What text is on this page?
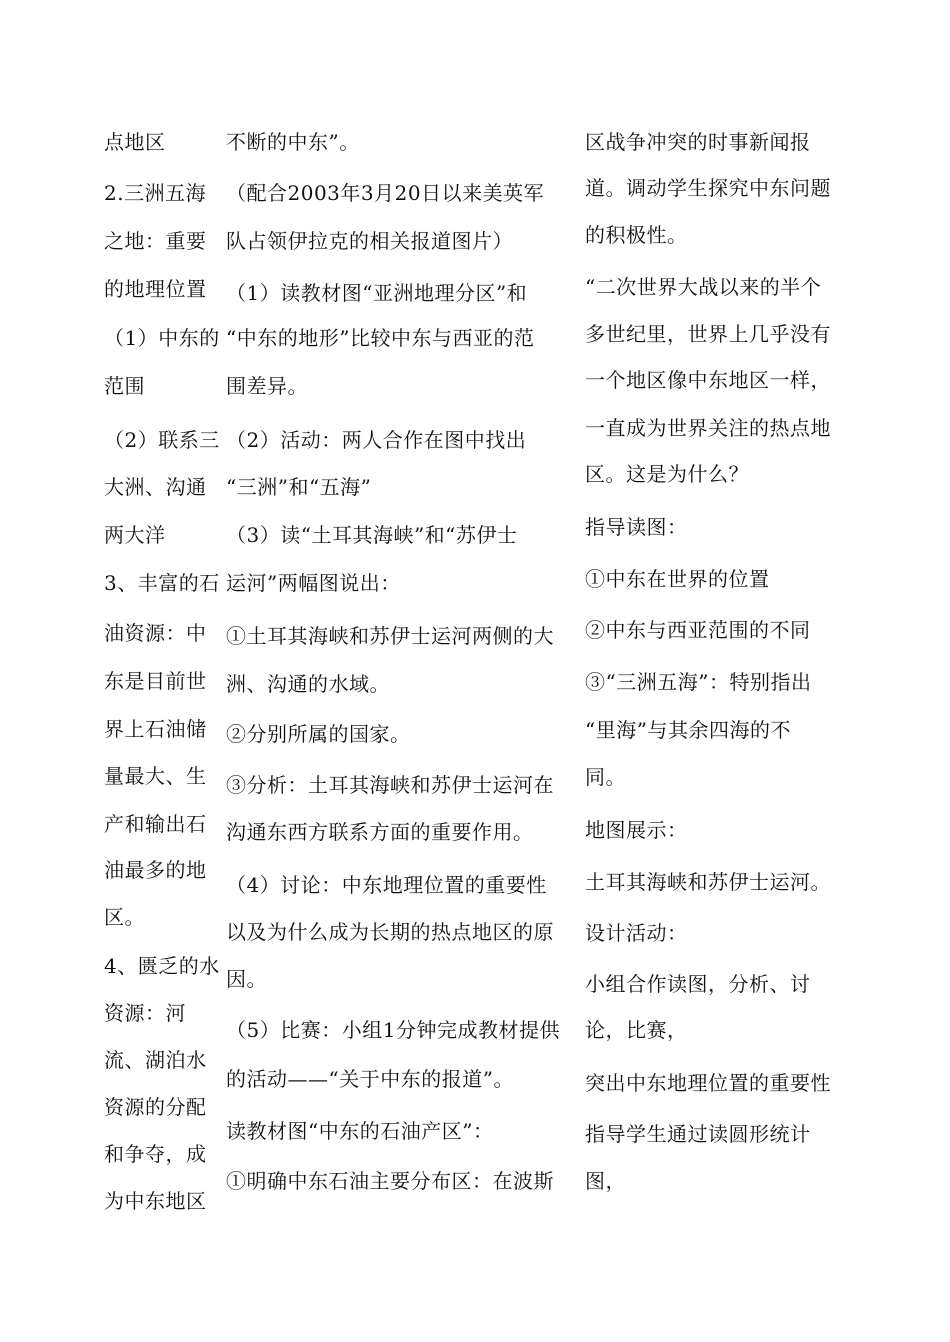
点地区
2.三洲五海
之地：重要
的地理位置
（1）中东的
范围
（2）联系三
大洲、沟通
两大洋
3、丰富的石
油资源：中
东是目前世
界上石油储
量最大、生
产和输出石
油最多的地
区。
4、匮乏的水
资源：河
流、湖泊水
资源的分配
和争夺，成
为中东地区
不断的中东”。
（配合2003年3月20日以来美英军
队占领伊拉克的相关报道图片）
（1）读教材图“亚洲地理分区”和
“中东的地形”比较中东与西亚的范
围差异。
（2）活动：两人合作在图中找出
“三洲”和“五海”
（3）读“土耳其海峡”和“苏伊士
运河”两幅图说出：
①土耳其海峡和苏伊士运河两侧的大
洲、沟通的水域。
②分别所属的国家。
③分析：土耳其海峡和苏伊士运河在
沟通东西方联系方面的重要作用。
（4）讨论：中东地理位置的重要性
以及为什么成为长期的热点地区的原
因。
（5）比赛：小组1分钟完成教材提供
的活动——“关于中东的报道”。
读教材图“中东的石油产区”：
①明确中东石油主要分布区：在波斯
区战争冲突的时事新闻报
道。调动学生探究中东问题
的积极性。
“二次世界大战以来的半个
多世纪里，世界上几乎没有
一个地区像中东地区一样，
一直成为世界关注的热点地
区。这是为什么？
指导读图：
①中东在世界的位置
②中东与西亚范围的不同
③“三洲五海”：特别指出
“里海”与其余四海的不
同。
地图展示：
土耳其海峡和苏伊士运河。
设计活动：
小组合作读图，分析、讨
论，比赛，
突出中东地理位置的重要性
指导学生通过读圆形统计
图，
